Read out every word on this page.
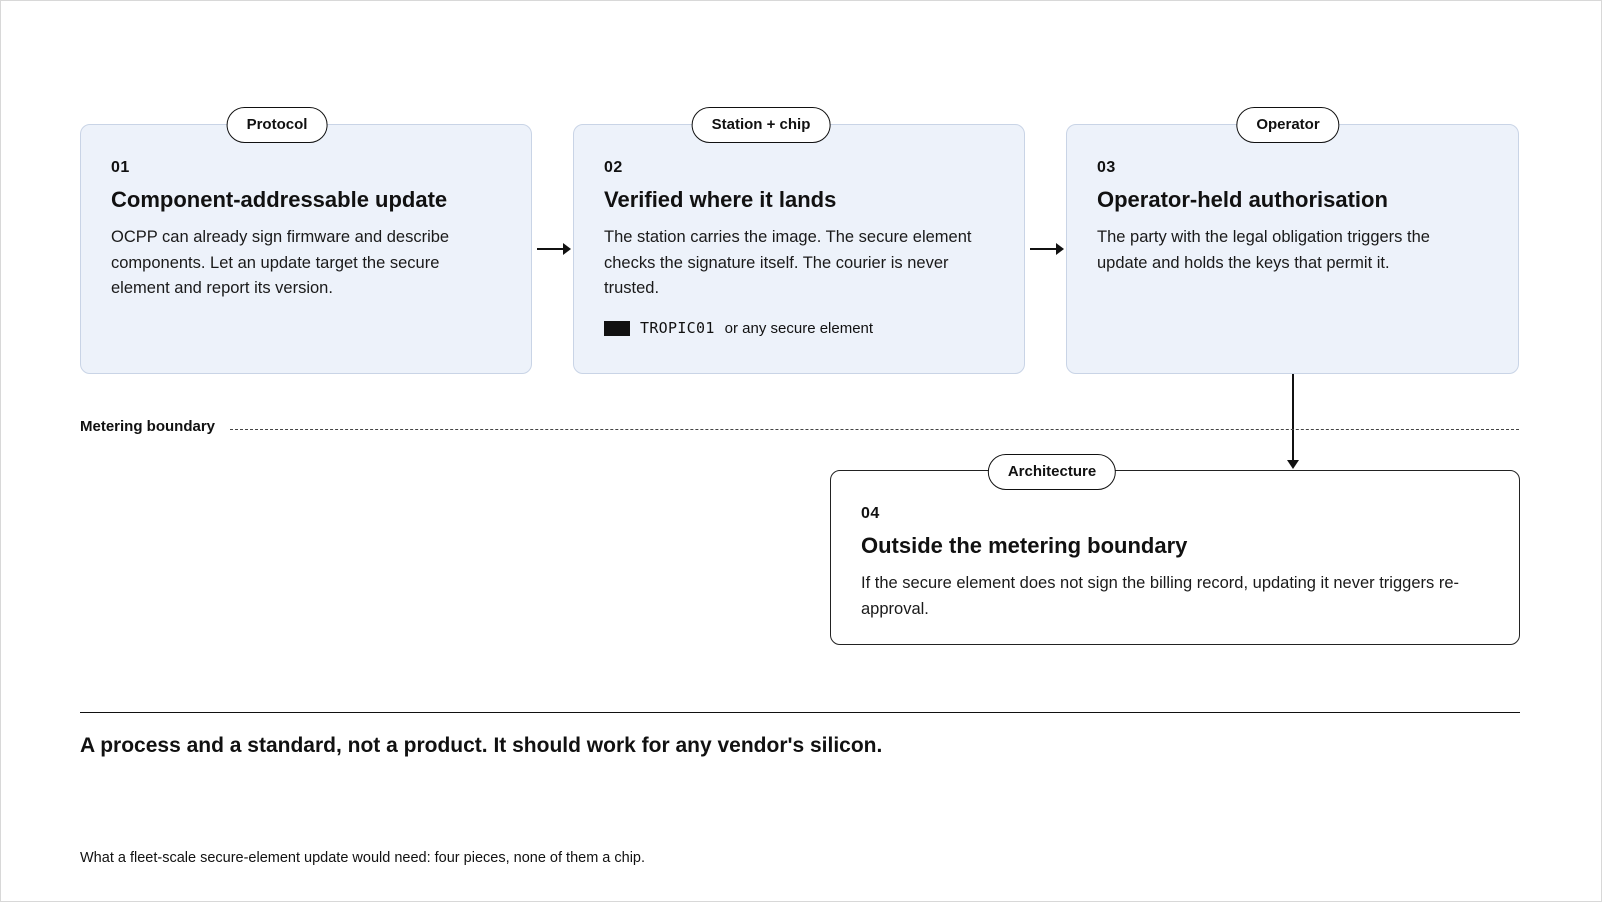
01
Component-addressable update
OCPP can already sign firmware and describe components. Let an update target the secure element and report its version.
Protocol
02
Verified where it lands
The station carries the image. The secure element checks the signature itself. The courier is never trusted.
TROPIC01 or any secure element
Station + chip
03
Operator-held authorisation
The party with the legal obligation triggers the update and holds the keys that permit it.
Operator
Metering boundary
04
Outside the metering boundary
If the secure element does not sign the billing record, updating it never triggers re-approval.
Architecture
A process and a standard, not a product. It should work for any vendor's silicon.
What a fleet-scale secure-element update would need: four pieces, none of them a chip.
